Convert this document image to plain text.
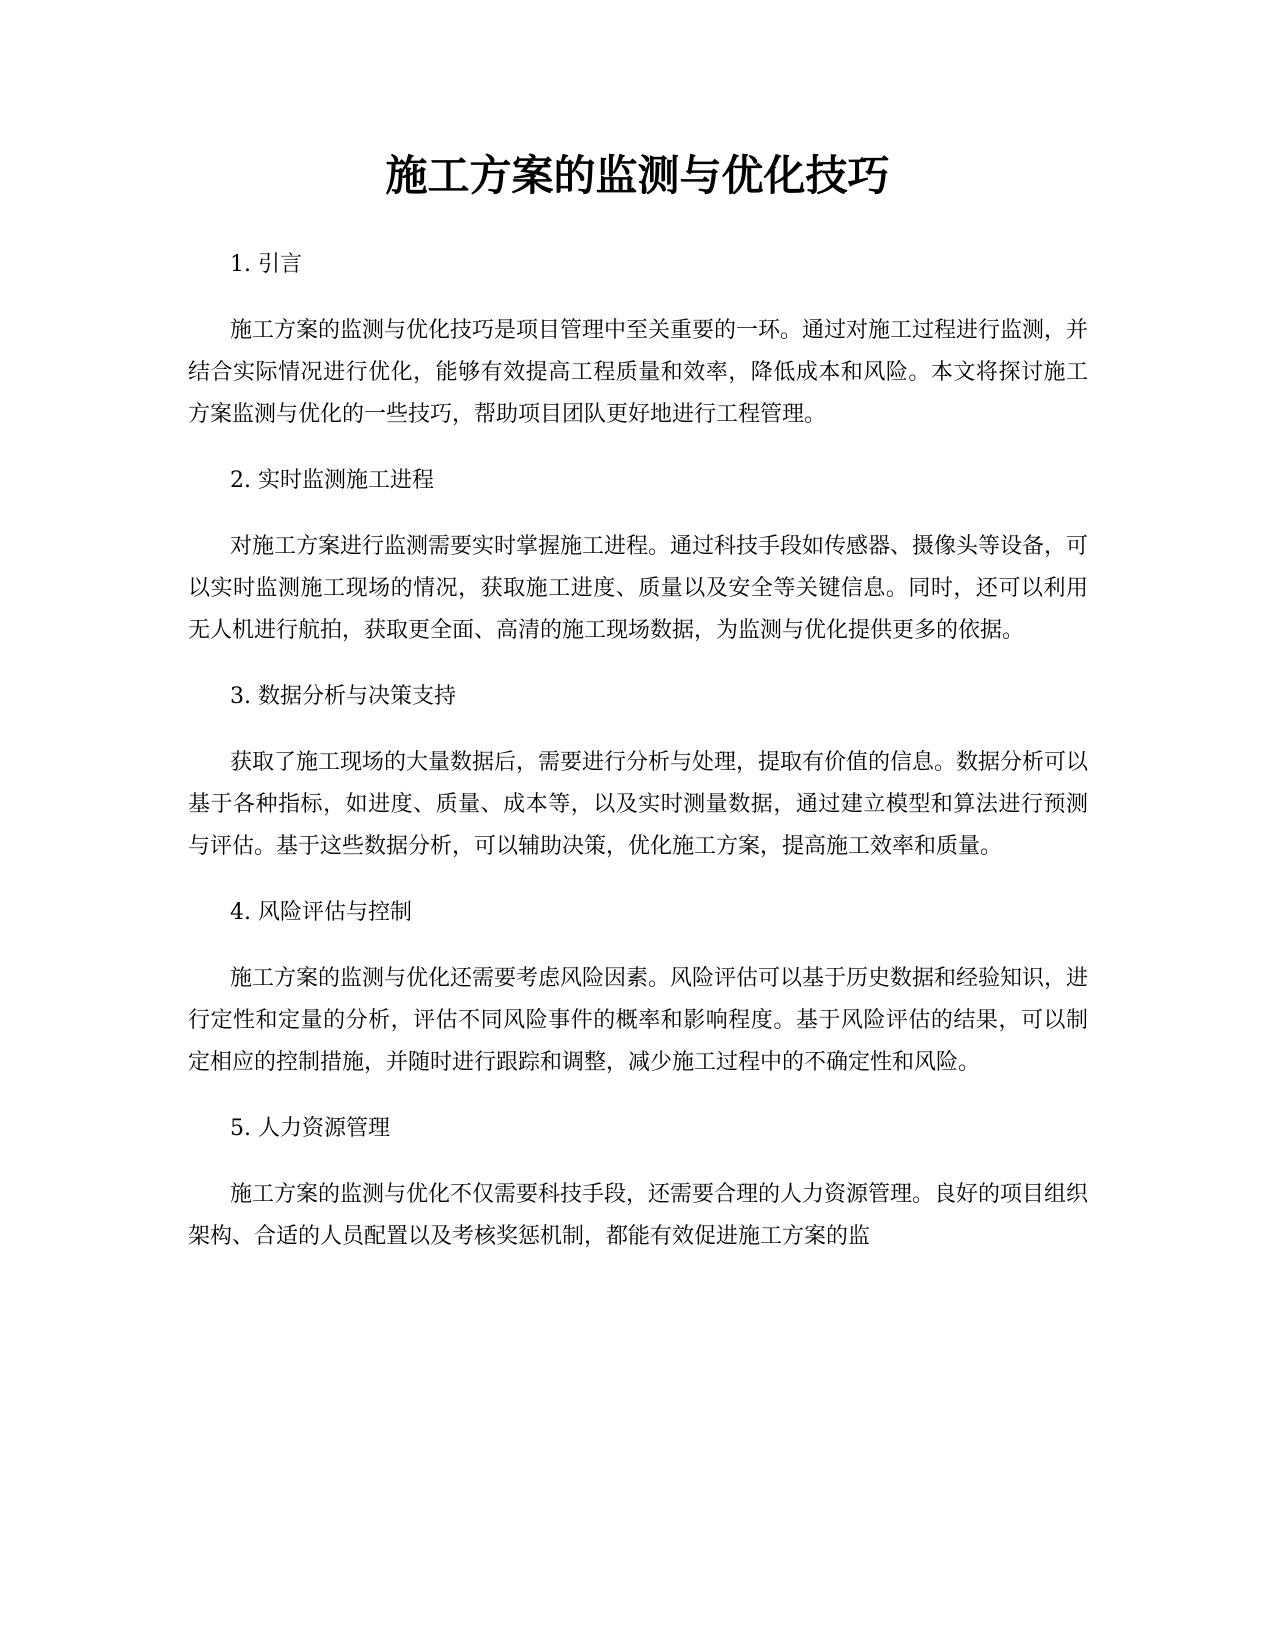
施工方案的监测与优化技巧

1. 引言

施工方案的监测与优化技巧是项目管理中至关重要的一环。通过对施工过程进行监测，并结合实际情况进行优化，能够有效提高工程质量和效率，降低成本和风险。本文将探讨施工方案监测与优化的一些技巧，帮助项目团队更好地进行工程管理。

2. 实时监测施工进程

对施工方案进行监测需要实时掌握施工进程。通过科技手段如传感器、摄像头等设备，可以实时监测施工现场的情况，获取施工进度、质量以及安全等关键信息。同时，还可以利用无人机进行航拍，获取更全面、高清的施工现场数据，为监测与优化提供更多的依据。

3. 数据分析与决策支持

获取了施工现场的大量数据后，需要进行分析与处理，提取有价值的信息。数据分析可以基于各种指标，如进度、质量、成本等，以及实时测量数据，通过建立模型和算法进行预测与评估。基于这些数据分析，可以辅助决策，优化施工方案，提高施工效率和质量。

4. 风险评估与控制

施工方案的监测与优化还需要考虑风险因素。风险评估可以基于历史数据和经验知识，进行定性和定量的分析，评估不同风险事件的概率和影响程度。基于风险评估的结果，可以制定相应的控制措施，并随时进行跟踪和调整，减少施工过程中的不确定性和风险。

5. 人力资源管理

施工方案的监测与优化不仅需要科技手段，还需要合理的人力资源管理。良好的项目组织架构、合适的人员配置以及考核奖惩机制，都能有效促进施工方案的监
